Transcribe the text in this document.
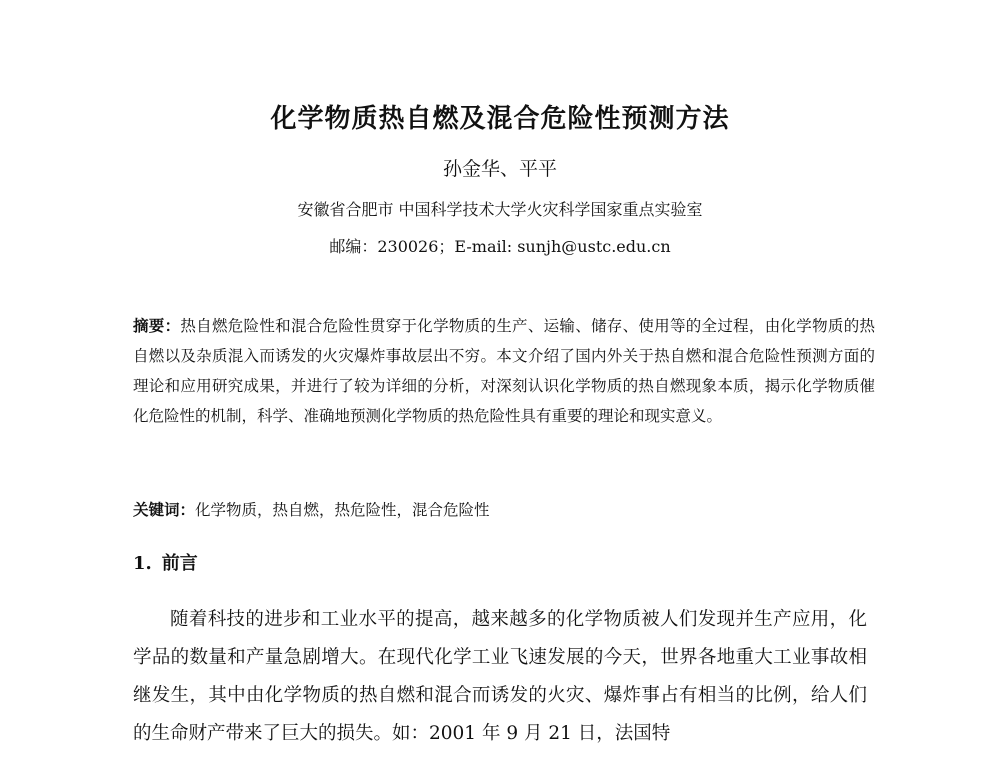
化学物质热自燃及混合危险性预测方法
孙金华、平平
安徽省合肥市 中国科学技术大学火灾科学国家重点实验室
邮编：230026；E-mail: sunjh@ustc.edu.cn

摘要：热自燃危险性和混合危险性贯穿于化学物质的生产、运输、储存、使用等的全过程，由化学物质的热自燃以及杂质混入而诱发的火灾爆炸事故层出不穷。本文介绍了国内外关于热自燃和混合危险性预测方面的理论和应用研究成果，并进行了较为详细的分析，对深刻认识化学物质的热自燃现象本质，揭示化学物质催化危险性的机制，科学、准确地预测化学物质的热危险性具有重要的理论和现实意义。

关键词：化学物质，热自燃，热危险性，混合危险性

1. 前言

随着科技的进步和工业水平的提高，越来越多的化学物质被人们发现并生产应用，化学品的数量和产量急剧增大。在现代化学工业飞速发展的今天，世界各地重大工业事故相继发生，其中由化学物质的热自燃和混合而诱发的火灾、爆炸事占有相当的比例，给人们的生命财产带来了巨大的损失。如：2001 年 9 月 21 日，法国特
